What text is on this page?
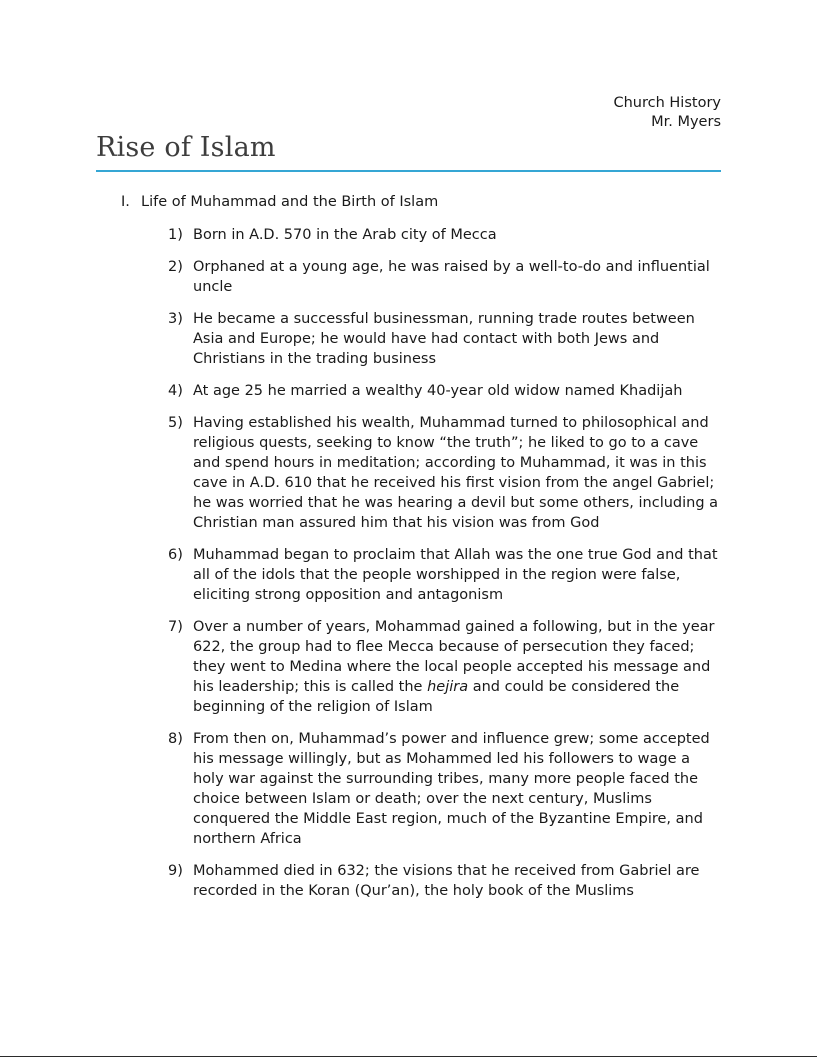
Church History
Mr. Myers
Rise of Islam
I. Life of Muhammad and the Birth of Islam
1) Born in A.D. 570 in the Arab city of Mecca
2) Orphaned at a young age, he was raised by a well-to-do and influential uncle
3) He became a successful businessman, running trade routes between Asia and Europe; he would have had contact with both Jews and Christians in the trading business
4) At age 25 he married a wealthy 40-year old widow named Khadijah
5) Having established his wealth, Muhammad turned to philosophical and religious quests, seeking to know “the truth”; he liked to go to a cave and spend hours in meditation; according to Muhammad, it was in this cave in A.D. 610 that he received his first vision from the angel Gabriel; he was worried that he was hearing a devil but some others, including a Christian man assured him that his vision was from God
6) Muhammad began to proclaim that Allah was the one true God and that all of the idols that the people worshipped in the region were false, eliciting strong opposition and antagonism
7) Over a number of years, Mohammad gained a following, but in the year 622, the group had to flee Mecca because of persecution they faced; they went to Medina where the local people accepted his message and his leadership; this is called the hejira and could be considered the beginning of the religion of Islam
8) From then on, Muhammad’s power and influence grew; some accepted his message willingly, but as Mohammed led his followers to wage a holy war against the surrounding tribes, many more people faced the choice between Islam or death; over the next century, Muslims conquered the Middle East region, much of the Byzantine Empire, and northern Africa
9) Mohammed died in 632; the visions that he received from Gabriel are recorded in the Koran (Qur’an), the holy book of the Muslims
